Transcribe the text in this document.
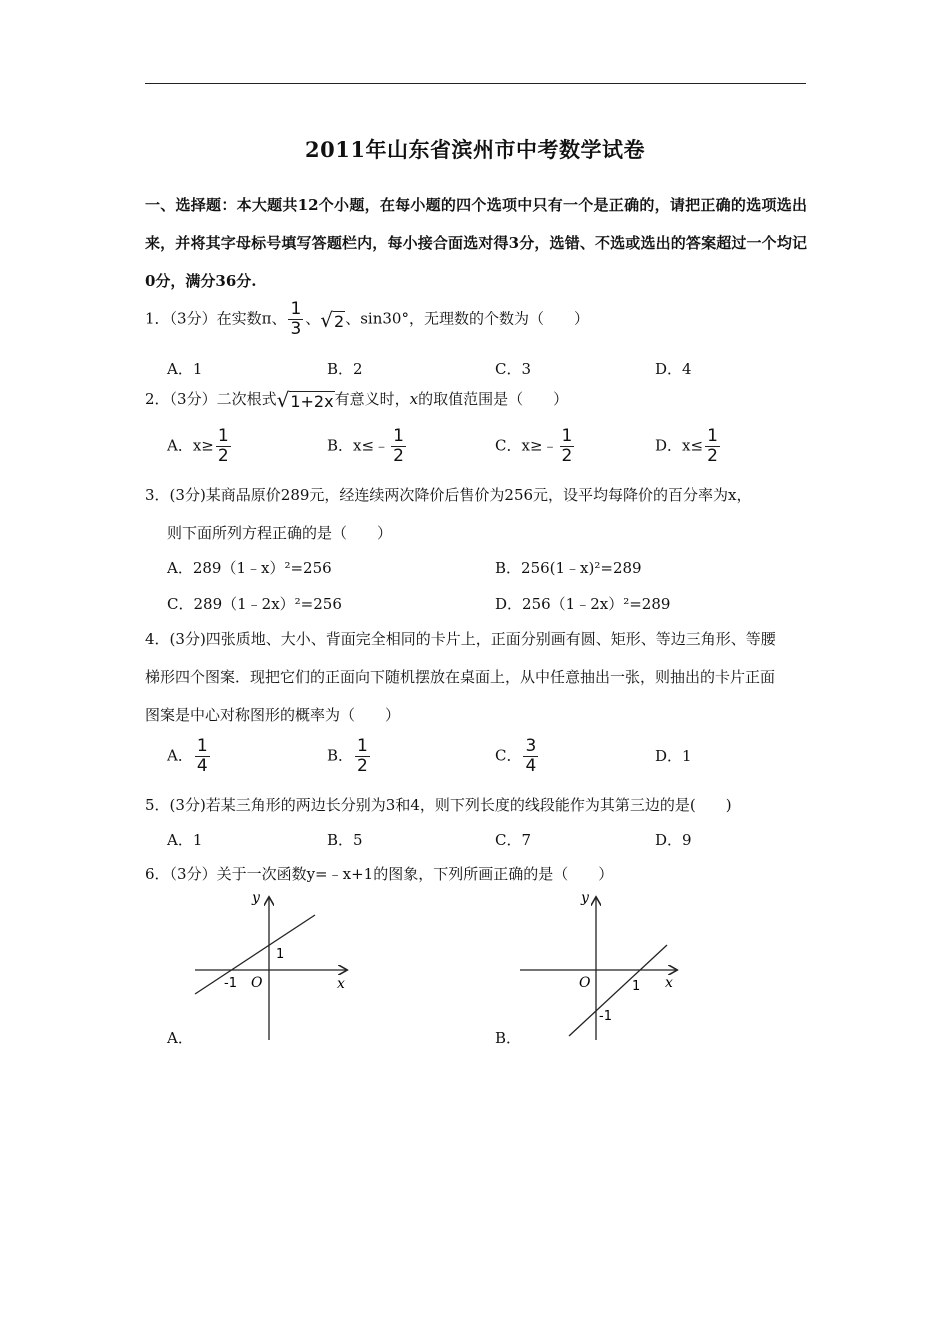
2011年山东省滨州市中考数学试卷
一、选择题：本大题共12个小题，在每小题的四个选项中只有一个是正确的，请把正确的选项选出来，并将其字母标号填写答题栏内，每小接合面选对得3分，选错、不选或选出的答案超过一个均记0分，满分36分.
1．（3分）在实数π、 $\frac{1}{3}$ 、√2、sin30°，无理数的个数为（　　）
A．1	B．2	C．3	D．4
2．（3分）二次根式√1+2x有意义时，x的取值范围是（　　）
A．$x\ge \frac{1}{2}$	B．x≤﹣ $\frac{1}{2}$	C．x≥﹣ $\frac{1}{2}$	D．$x\le \frac{1}{2}$
3．(3分)某商品原价289元，经连续两次降价后售价为256元，设平均每降价的百分率为x，
则下面所列方程正确的是（　　）
A．289（1﹣x）²=256	B．256(1﹣x)²=289
C．289（1﹣2x）²=256	D．256（1﹣2x）²=289
4．(3分)四张质地、大小、背面完全相同的卡片上，正面分别画有圆、矩形、等边三角形、等腰梯形四个图案．现把它们的正面向下随机摆放在桌面上，从中任意抽出一张，则抽出的卡片正面图案是中心对称图形的概率为（　　）
A． $\frac{1}{4}$	B． $\frac{1}{2}$	C． $\frac{3}{4}$	D．1
5．(3分)若某三角形的两边长分别为3和4，则下列长度的线段能作为其第三边的是(　　)
A．1	B．5	C．7	D．9
6．（3分）关于一次函数y=﹣x+1的图象，下列所画正确的是（　　）
y
x
O
1
-1
A．
y
x
O	1
-1
B．
